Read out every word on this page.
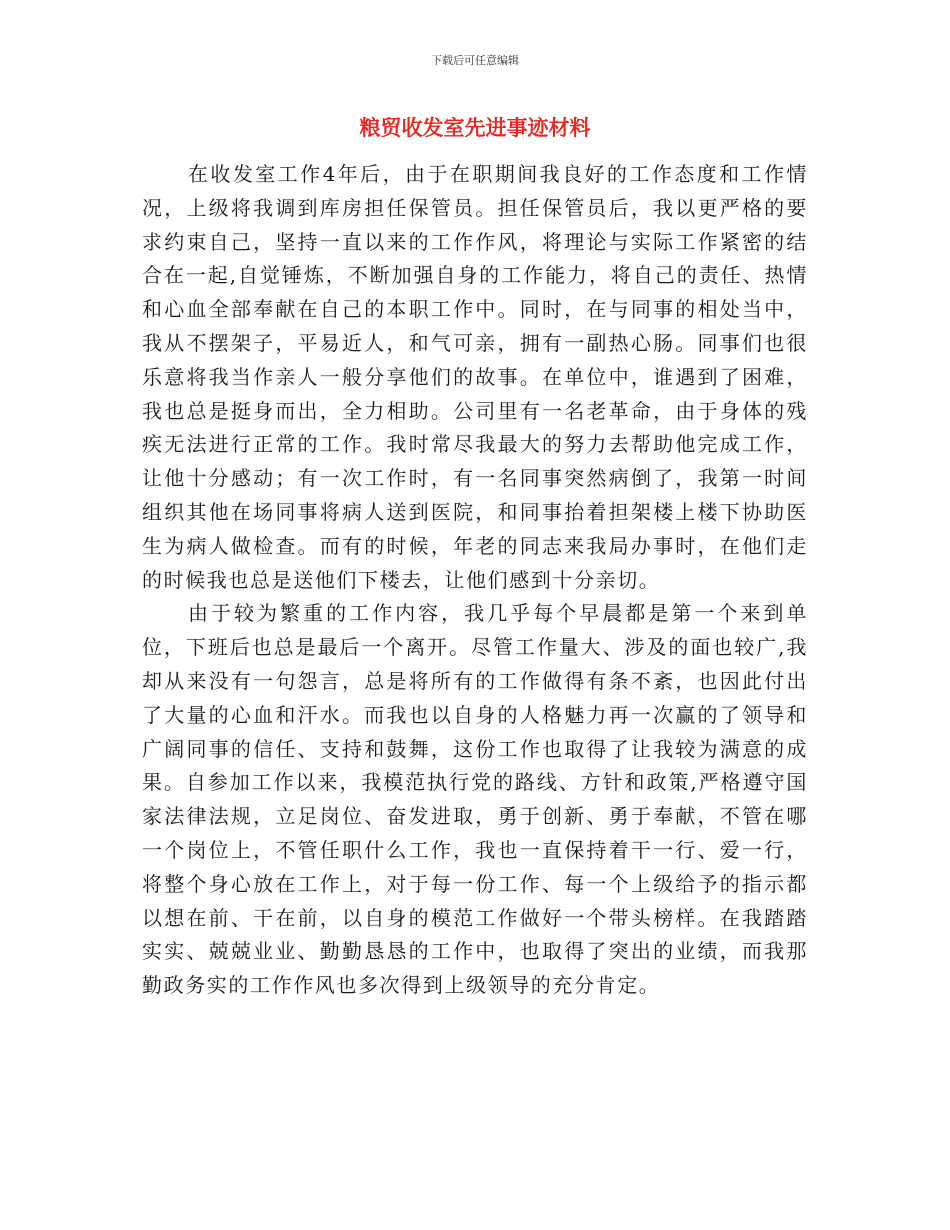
下载后可任意编辑
粮贸收发室先进事迹材料

在收发室工作4年后，由于在职期间我良好的工作态度和工作情况，上级将我调到库房担任保管员。担任保管员后，我以更严格的要求约束自己，坚持一直以来的工作作风，将理论与实际工作紧密的结合在一起,自觉锤炼，不断加强自身的工作能力，将自己的责任、热情和心血全部奉献在自己的本职工作中。同时，在与同事的相处当中，我从不摆架子，平易近人，和气可亲，拥有一副热心肠。同事们也很乐意将我当作亲人一般分享他们的故事。在单位中，谁遇到了困难，我也总是挺身而出，全力相助。公司里有一名老革命，由于身体的残疾无法进行正常的工作。我时常尽我最大的努力去帮助他完成工作，让他十分感动；有一次工作时，有一名同事突然病倒了，我第一时间组织其他在场同事将病人送到医院，和同事抬着担架楼上楼下协助医生为病人做检查。而有的时候，年老的同志来我局办事时，在他们走的时候我也总是送他们下楼去，让他们感到十分亲切。

由于较为繁重的工作内容，我几乎每个早晨都是第一个来到单位，下班后也总是最后一个离开。尽管工作量大、涉及的面也较广,我却从来没有一句怨言，总是将所有的工作做得有条不紊，也因此付出了大量的心血和汗水。而我也以自身的人格魅力再一次赢的了领导和广阔同事的信任、支持和鼓舞，这份工作也取得了让我较为满意的成果。自参加工作以来，我模范执行党的路线、方针和政策,严格遵守国家法律法规，立足岗位、奋发进取，勇于创新、勇于奉献，不管在哪一个岗位上，不管任职什么工作，我也一直保持着干一行、爱一行，将整个身心放在工作上，对于每一份工作、每一个上级给予的指示都以想在前、干在前，以自身的模范工作做好一个带头榜样。在我踏踏实实、兢兢业业、勤勤恳恳的工作中，也取得了突出的业绩，而我那勤政务实的工作作风也多次得到上级领导的充分肯定。
